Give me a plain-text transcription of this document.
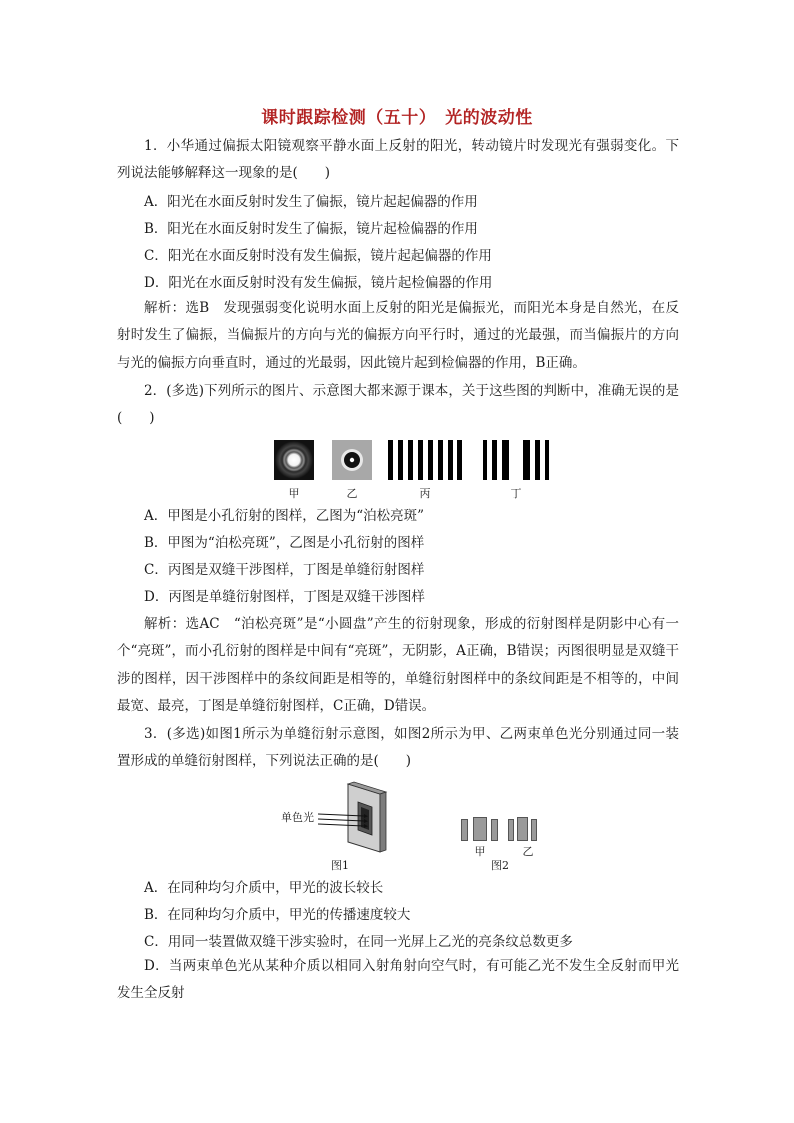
课时跟踪检测（五十）　光的波动性

1．小华通过偏振太阳镜观察平静水面上反射的阳光，转动镜片时发现光有强弱变化。下列说法能够解释这一现象的是(　　)

A．阳光在水面反射时发生了偏振，镜片起起偏器的作用
B．阳光在水面反射时发生了偏振，镜片起检偏器的作用
C．阳光在水面反射时没有发生偏振，镜片起起偏器的作用
D．阳光在水面反射时没有发生偏振，镜片起检偏器的作用

解析：选B　发现强弱变化说明水面上反射的阳光是偏振光，而阳光本身是自然光，在反射时发生了偏振，当偏振片的方向与光的偏振方向平行时，通过的光最强，而当偏振片的方向与光的偏振方向垂直时，通过的光最弱，因此镜片起到检偏器的作用，B正确。

2．(多选)下列所示的图片、示意图大都来源于课本，关于这些图的判断中，准确无误的是(　　)

甲	乙	丙	丁
A．甲图是小孔衍射的图样，乙图为“泊松亮斑”
B．甲图为“泊松亮斑”，乙图是小孔衍射的图样
C．丙图是双缝干涉图样，丁图是单缝衍射图样
D．丙图是单缝衍射图样，丁图是双缝干涉图样

解析：选AC　“泊松亮斑”是“小圆盘”产生的衍射现象，形成的衍射图样是阴影中心有一个“亮斑”，而小孔衍射的图样是中间有“亮斑”，无阴影，A正确，B错误；丙图很明显是双缝干涉的图样，因干涉图样中的条纹间距是相等的，单缝衍射图样中的条纹间距是不相等的，中间最宽、最亮，丁图是单缝衍射图样，C正确，D错误。

3．(多选)如图1所示为单缝衍射示意图，如图2所示为甲、乙两束单色光分别通过同一装置形成的单缝衍射图样，下列说法正确的是(　　)

单色光
图1
甲	乙
图2
A．在同种均匀介质中，甲光的波长较长
B．在同种均匀介质中，甲光的传播速度较大
C．用同一装置做双缝干涉实验时，在同一光屏上乙光的亮条纹总数更多

D．当两束单色光从某种介质以相同入射角射向空气时，有可能乙光不发生全反射而甲光发生全反射
